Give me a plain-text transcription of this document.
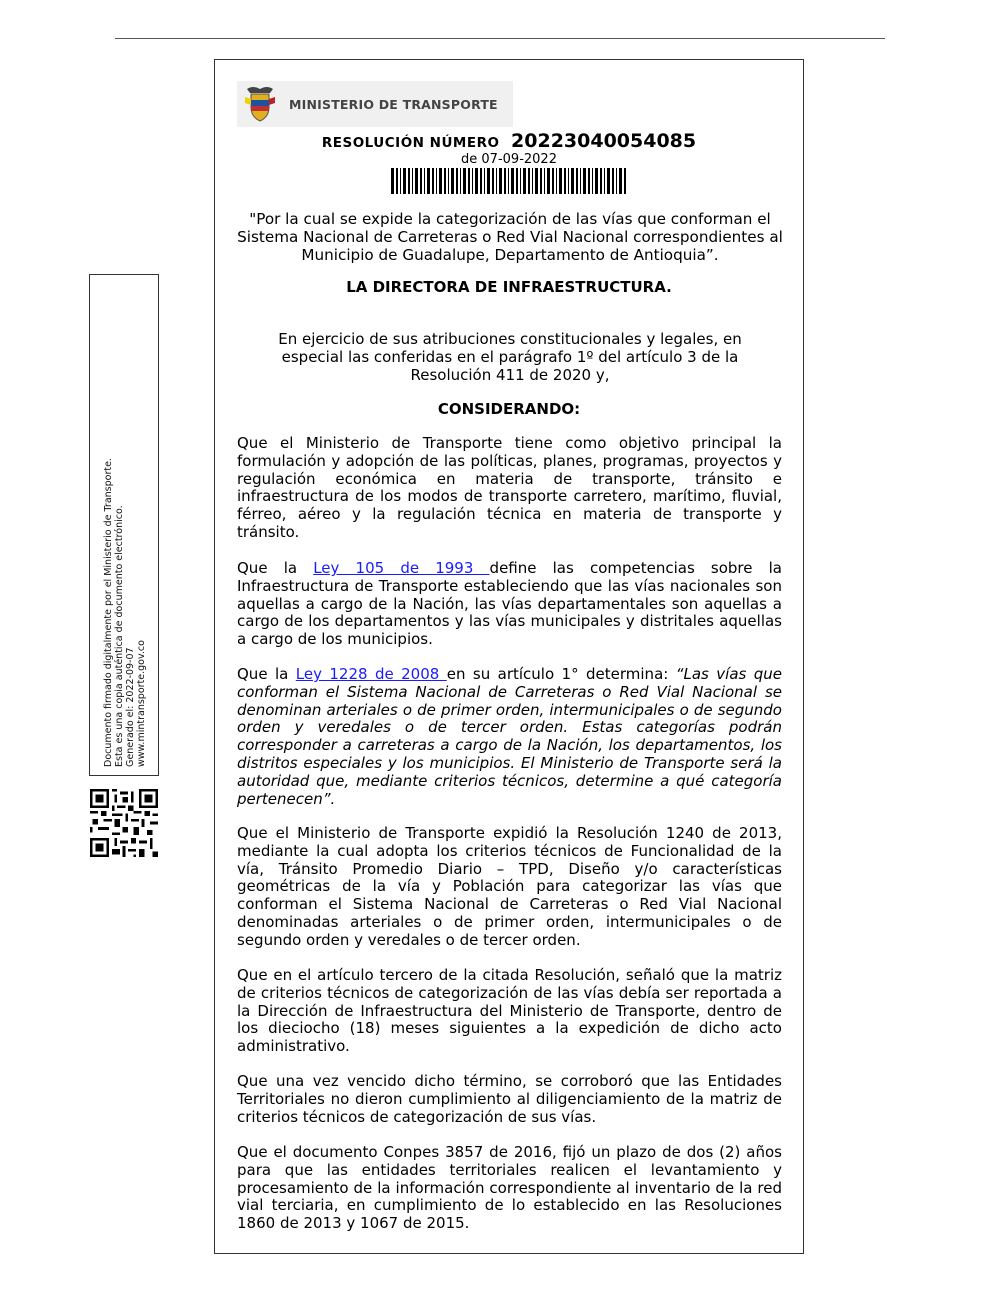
Documento firmado digitalmente por el Ministerio de Transporte. Esta es una copia auténtica de documento electrónico. Generado el: 2022-09-07 www.mintransporte.gov.co
MINISTERIO DE TRANSPORTE
RESOLUCIÓN NÚMERO 20223040054085
de 07-09-2022
"Por la cual se expide la categorización de las vías que conforman el Sistema Nacional de Carreteras o Red Vial Nacional correspondientes al Municipio de Guadalupe, Departamento de Antioquia”.
LA DIRECTORA DE INFRAESTRUCTURA.
En ejercicio de sus atribuciones constitucionales y legales, en especial las conferidas en el parágrafo 1º del artículo 3 de la Resolución 411 de 2020 y,
CONSIDERANDO:

Que el Ministerio de Transporte tiene como objetivo principal la formulación y adopción de las políticas, planes, programas, proyectos y regulación económica en materia de transporte, tránsito e infraestructura de los modos de transporte carretero, marítimo, fluvial, férreo, aéreo y la regulación técnica en materia de transporte y tránsito.

Que la Ley 105 de 1993 define las competencias sobre la Infraestructura de Transporte estableciendo que las vías nacionales son aquellas a cargo de la Nación, las vías departamentales son aquellas a cargo de los departamentos y las vías municipales y distritales aquellas a cargo de los municipios.

Que la Ley 1228 de 2008 en su artículo 1° determina: “Las vías que conforman el Sistema Nacional de Carreteras o Red Vial Nacional se denominan arteriales o de primer orden, intermunicipales o de segundo orden y veredales o de tercer orden. Estas categorías podrán corresponder a carreteras a cargo de la Nación, los departamentos, los distritos especiales y los municipios. El Ministerio de Transporte será la autoridad que, mediante criterios técnicos, determine a qué categoría pertenecen”.

Que el Ministerio de Transporte expidió la Resolución 1240 de 2013, mediante la cual adopta los criterios técnicos de Funcionalidad de la vía, Tránsito Promedio Diario – TPD, Diseño y/o características geométricas de la vía y Población para categorizar las vías que conforman el Sistema Nacional de Carreteras o Red Vial Nacional denominadas arteriales o de primer orden, intermunicipales o de segundo orden y veredales o de tercer orden.

Que en el artículo tercero de la citada Resolución, señaló que la matriz de criterios técnicos de categorización de las vías debía ser reportada a la Dirección de Infraestructura del Ministerio de Transporte, dentro de los dieciocho (18) meses siguientes a la expedición de dicho acto administrativo.

Que una vez vencido dicho término, se corroboró que las Entidades Territoriales no dieron cumplimiento al diligenciamiento de la matriz de criterios técnicos de categorización de sus vías.

Que el documento Conpes 3857 de 2016, fijó un plazo de dos (2) años para que las entidades territoriales realicen el levantamiento y procesamiento de la información correspondiente al inventario de la red vial terciaria, en cumplimiento de lo establecido en las Resoluciones 1860 de 2013 y 1067 de 2015.
